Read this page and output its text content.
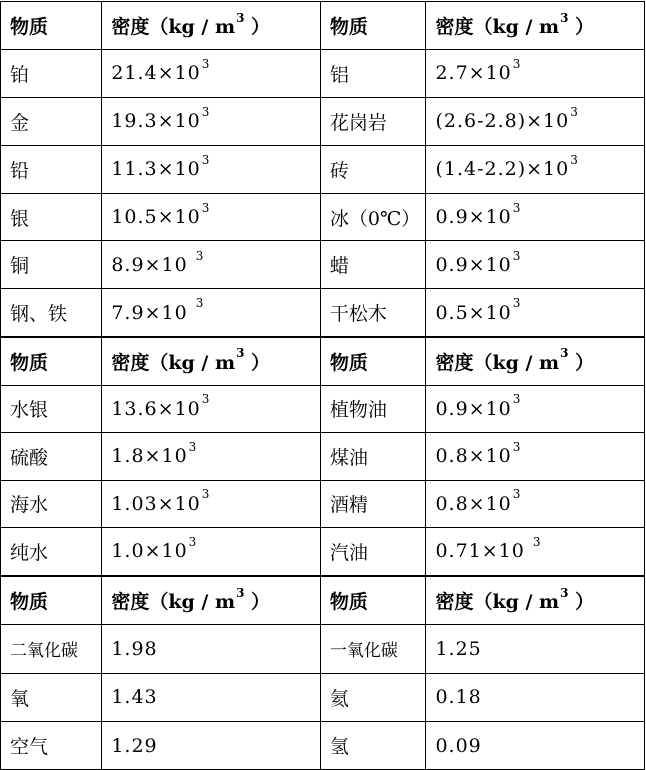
物质	密度（$kg / m^3$ ）	物质	密度（$kg / m^3$ ）
铂	$21.4\times 10^3$	铝	$2.7\times 10^3$
金	$19.3\times 10^3$	花岗岩	$(2.6-2.8)\times 10^3$
铅	$11.3\times 10^3$	砖	$(1.4-2.2)\times 10^3$
银	$10.5\times 10^3$	冰（0℃）	$0.9\times 10^3$
铜	8.9×10 $^3$	蜡	$0.9\times 10^3$
钢、铁	7.9×10 $^3$	干松木	$0.5\times 10^3$
物质	密度（$kg / m^3$ ）	物质	密度（$kg / m^3$ ）
水银	$13.6\times 10^3$	植物油	$0.9\times 10^3$
硫酸	$1.8\times 10^3$	煤油	$0.8\times 10^3$
海水	$1.03\times 10^3$	酒精	$0.8\times 10^3$
纯水	$1.0\times 10^3$	汽油	0.71×10 $^3$
物质	密度（$kg / m^3$ ）	物质	密度（$kg / m^3$ ）
二氧化碳	1.98	一氧化碳	1.25
氧	1.43	氦	0.18
空气	1.29	氢	0.09
